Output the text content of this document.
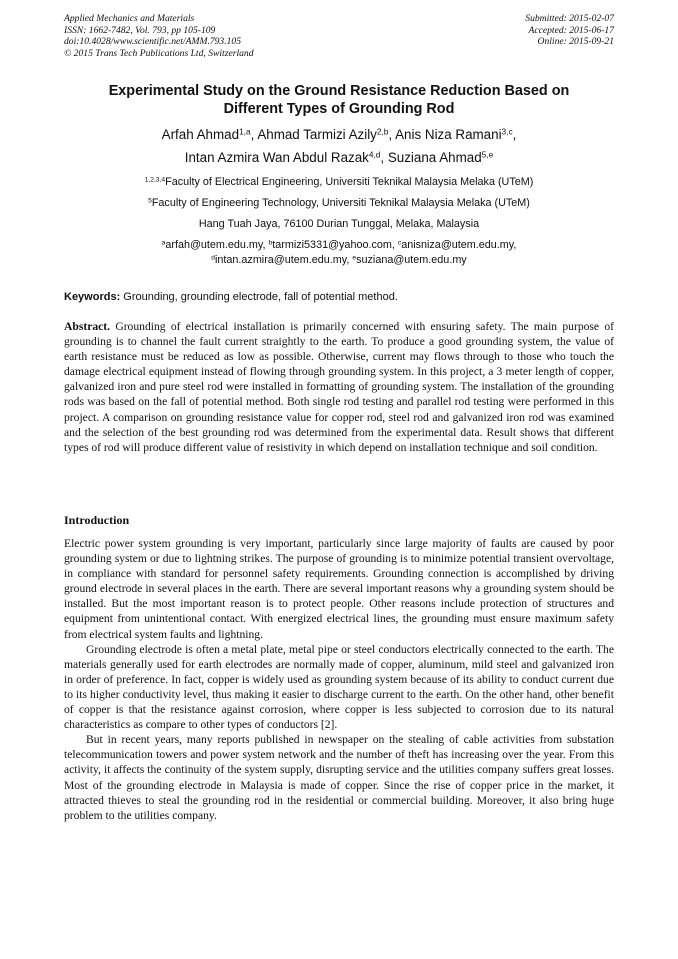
Applied Mechanics and Materials
ISSN: 1662-7482, Vol. 793, pp 105-109
doi:10.4028/www.scientific.net/AMM.793.105
© 2015 Trans Tech Publications Ltd, Switzerland
Submitted: 2015-02-07
Accepted: 2015-06-17
Online: 2015-09-21
Experimental Study on the Ground Resistance Reduction Based on
Different Types of Grounding Rod
Arfah Ahmad$^{1,a}$, Ahmad Tarmizi Azily$^{2,b}$, Anis Niza Ramani$^{3,c}$,
Intan Azmira Wan Abdul Razak$^{4,d}$, Suziana Ahmad$^{5,e}$
$^{1,2,3,4}$Faculty of Electrical Engineering, Universiti Teknikal Malaysia Melaka (UTeM)
$^5$Faculty of Engineering Technology, Universiti Teknikal Malaysia Melaka (UTeM)
Hang Tuah Jaya, 76100 Durian Tunggal, Melaka, Malaysia
$^a$arfah@utem.edu.my, $^b$tarmizi5331@yahoo.com, $^c$anisniza@utem.edu.my,
$^d$intan.azmira@utem.edu.my, $^e$suziana@utem.edu.my
Keywords: Grounding, grounding electrode, fall of potential method.

Abstract. Grounding of electrical installation is primarily concerned with ensuring safety. The main purpose of grounding is to channel the fault current straightly to the earth. To produce a good grounding system, the value of earth resistance must be reduced as low as possible. Otherwise, current may flows through to those who touch the damage electrical equipment instead of flowing through grounding system. In this project, a 3 meter length of copper, galvanized iron and pure steel rod were installed in formatting of grounding system. The installation of the grounding rods was based on the fall of potential method. Both single rod testing and parallel rod testing were performed in this project. A comparison on grounding resistance value for copper rod, steel rod and galvanized iron rod was examined and the selection of the best grounding rod was determined from the experimental data. Result shows that different types of rod will produce different value of resistivity in which depend on installation technique and soil condition.

Introduction

Electric power system grounding is very important, particularly since large majority of faults are caused by poor grounding system or due to lightning strikes. The purpose of grounding is to minimize potential transient overvoltage, in compliance with standard for personnel safety requirements. Grounding connection is accomplished by driving ground electrode in several places in the earth. There are several important reasons why a grounding system should be installed. But the most important reason is to protect people. Other reasons include protection of structures and equipment from unintentional contact. With energized electrical lines, the grounding must ensure maximum safety from electrical system faults and lightning.

Grounding electrode is often a metal plate, metal pipe or steel conductors electrically connected to the earth. The materials generally used for earth electrodes are normally made of copper, aluminum, mild steel and galvanized iron in order of preference. In fact, copper is widely used as grounding system because of its ability to conduct current due to its higher conductivity level, thus making it easier to discharge current to the earth. On the other hand, other benefit of copper is that the resistance against corrosion, where copper is less subjected to corrosion due to its natural characteristics as compare to other types of conductors [2].

But in recent years, many reports published in newspaper on the stealing of cable activities from substation telecommunication towers and power system network and the number of theft has increasing over the year. From this activity, it affects the continuity of the system supply, disrupting service and the utilities company suffers great losses. Most of the grounding electrode in Malaysia is made of copper. Since the rise of copper price in the market, it attracted thieves to steal the grounding rod in the residential or commercial building. Moreover, it also bring huge problem to the utilities company.
